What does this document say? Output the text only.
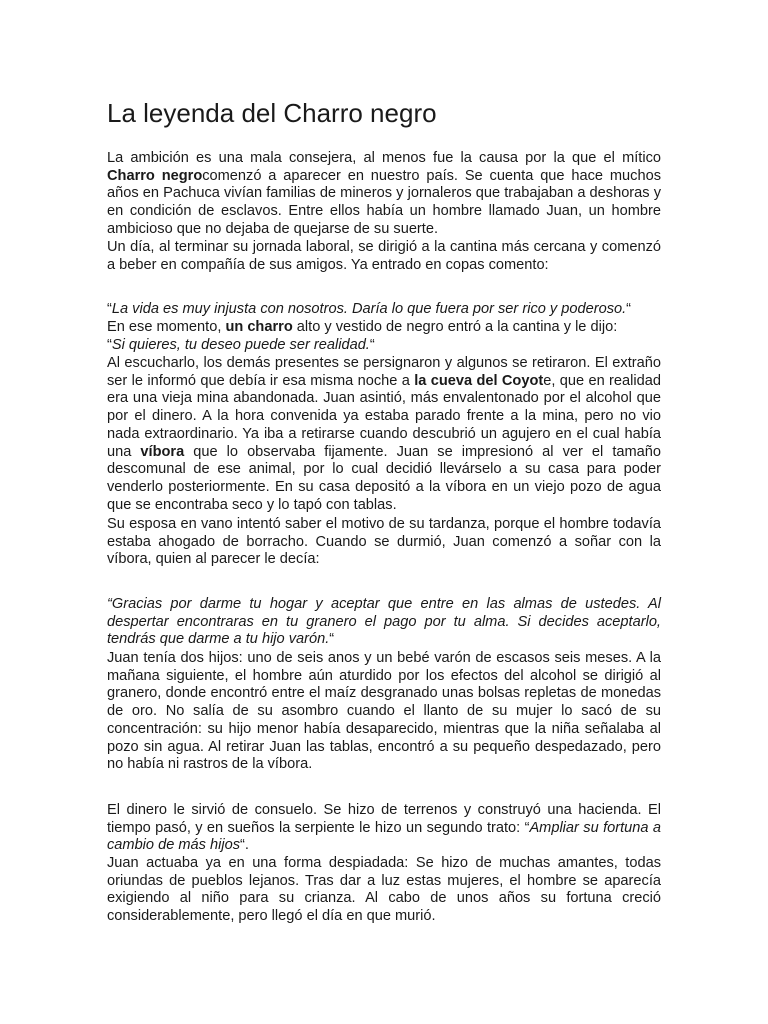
La leyenda del Charro negro

La ambición es una mala consejera, al menos fue la causa por la que el mítico Charro negrocomenzó a aparecer en nuestro país. Se cuenta que hace muchos años en Pachuca vivían familias de mineros y jornaleros que trabajaban a deshoras y en condición de esclavos. Entre ellos había un hombre llamado Juan, un hombre ambicioso que no dejaba de quejarse de su suerte.

Un día, al terminar su jornada laboral, se dirigió a la cantina más cercana y comenzó a beber en compañía de sus amigos. Ya entrado en copas comento:

“La vida es muy injusta con nosotros. Daría lo que fuera por ser rico y poderoso.“

En ese momento, un charro alto y vestido de negro entró a la cantina y le dijo:

“Si quieres, tu deseo puede ser realidad.“

Al escucharlo, los demás presentes se persignaron y algunos se retiraron. El extraño ser le informó que debía ir esa misma noche a la cueva del Coyote, que en realidad era una vieja mina abandonada. Juan asintió, más envalentonado por el alcohol que por el dinero. A la hora convenida ya estaba parado frente a la mina, pero no vio nada extraordinario. Ya iba a retirarse cuando descubrió un agujero en el cual había una víbora que lo observaba fijamente. Juan se impresionó al ver el tamaño descomunal de ese animal, por lo cual decidió llevárselo a su casa para poder venderlo posteriormente. En su casa depositó a la víbora en un viejo pozo de agua que se encontraba seco y lo tapó con tablas.

Su esposa en vano intentó saber el motivo de su tardanza, porque el hombre todavía estaba ahogado de borracho. Cuando se durmió, Juan comenzó a soñar con la víbora, quien al parecer le decía:

“Gracias por darme tu hogar y aceptar que entre en las almas de ustedes. Al despertar encontraras en tu granero el pago por tu alma. Si decides aceptarlo, tendrás que darme a tu hijo varón.“

Juan tenía dos hijos: uno de seis anos y un bebé varón de escasos seis meses. A la mañana siguiente, el hombre aún aturdido por los efectos del alcohol se dirigió al granero, donde encontró entre el maíz desgranado unas bolsas repletas de monedas de oro. No salía de su asombro cuando el llanto de su mujer lo sacó de su concentración: su hijo menor había desaparecido, mientras que la niña señalaba al pozo sin agua. Al retirar Juan las tablas, encontró a su pequeño despedazado, pero no había ni rastros de la víbora.

El dinero le sirvió de consuelo. Se hizo de terrenos y construyó una hacienda. El tiempo pasó, y en sueños la serpiente le hizo un segundo trato: “Ampliar su fortuna a cambio de más hijos“.

Juan actuaba ya en una forma despiadada: Se hizo de muchas amantes, todas oriundas de pueblos lejanos. Tras dar a luz estas mujeres, el hombre se aparecía exigiendo al niño para su crianza. Al cabo de unos años su fortuna creció considerablemente, pero llegó el día en que murió.
